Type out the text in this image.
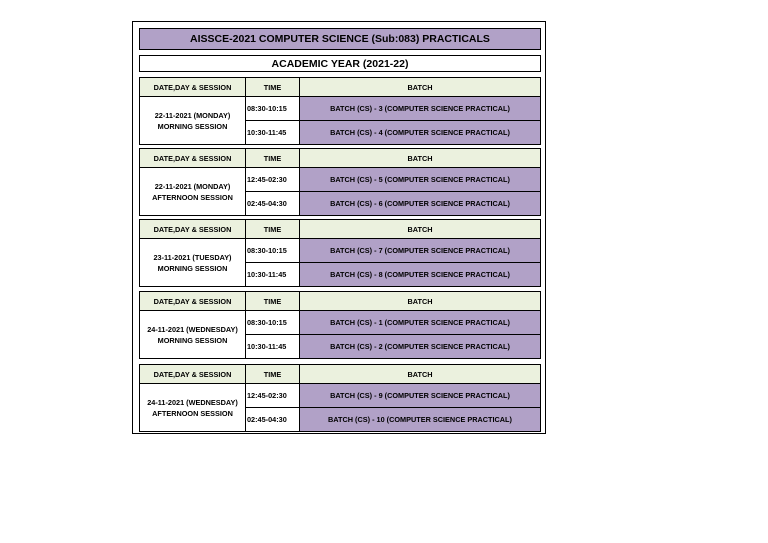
AISSCE-2021 COMPUTER SCIENCE (Sub:083) PRACTICALS
ACADEMIC YEAR (2021-22)
DATE,DAY & SESSION	TIME	BATCH
22-11-2021 (MONDAY)
MORNING SESSION
08:30-10:15	BATCH (CS) - 3 (COMPUTER SCIENCE PRACTICAL)
10:30-11:45	BATCH (CS) - 4 (COMPUTER SCIENCE PRACTICAL)
DATE,DAY & SESSION	TIME	BATCH
22-11-2021 (MONDAY)
AFTERNOON SESSION
12:45-02:30	BATCH (CS) - 5 (COMPUTER SCIENCE PRACTICAL)
02:45-04:30	BATCH (CS) - 6 (COMPUTER SCIENCE PRACTICAL)
DATE,DAY & SESSION	TIME	BATCH
23-11-2021 (TUESDAY)
MORNING SESSION
08:30-10:15	BATCH (CS) - 7 (COMPUTER SCIENCE PRACTICAL)
10:30-11:45	BATCH (CS) - 8 (COMPUTER SCIENCE PRACTICAL)
DATE,DAY & SESSION	TIME	BATCH
24-11-2021 (WEDNESDAY)
MORNING SESSION
08:30-10:15	BATCH (CS) - 1 (COMPUTER SCIENCE PRACTICAL)
10:30-11:45	BATCH (CS) - 2 (COMPUTER SCIENCE PRACTICAL)
DATE,DAY & SESSION	TIME	BATCH
24-11-2021 (WEDNESDAY)
AFTERNOON SESSION
12:45-02:30	BATCH (CS) - 9 (COMPUTER SCIENCE PRACTICAL)
02:45-04:30	BATCH (CS) - 10 (COMPUTER SCIENCE PRACTICAL)
